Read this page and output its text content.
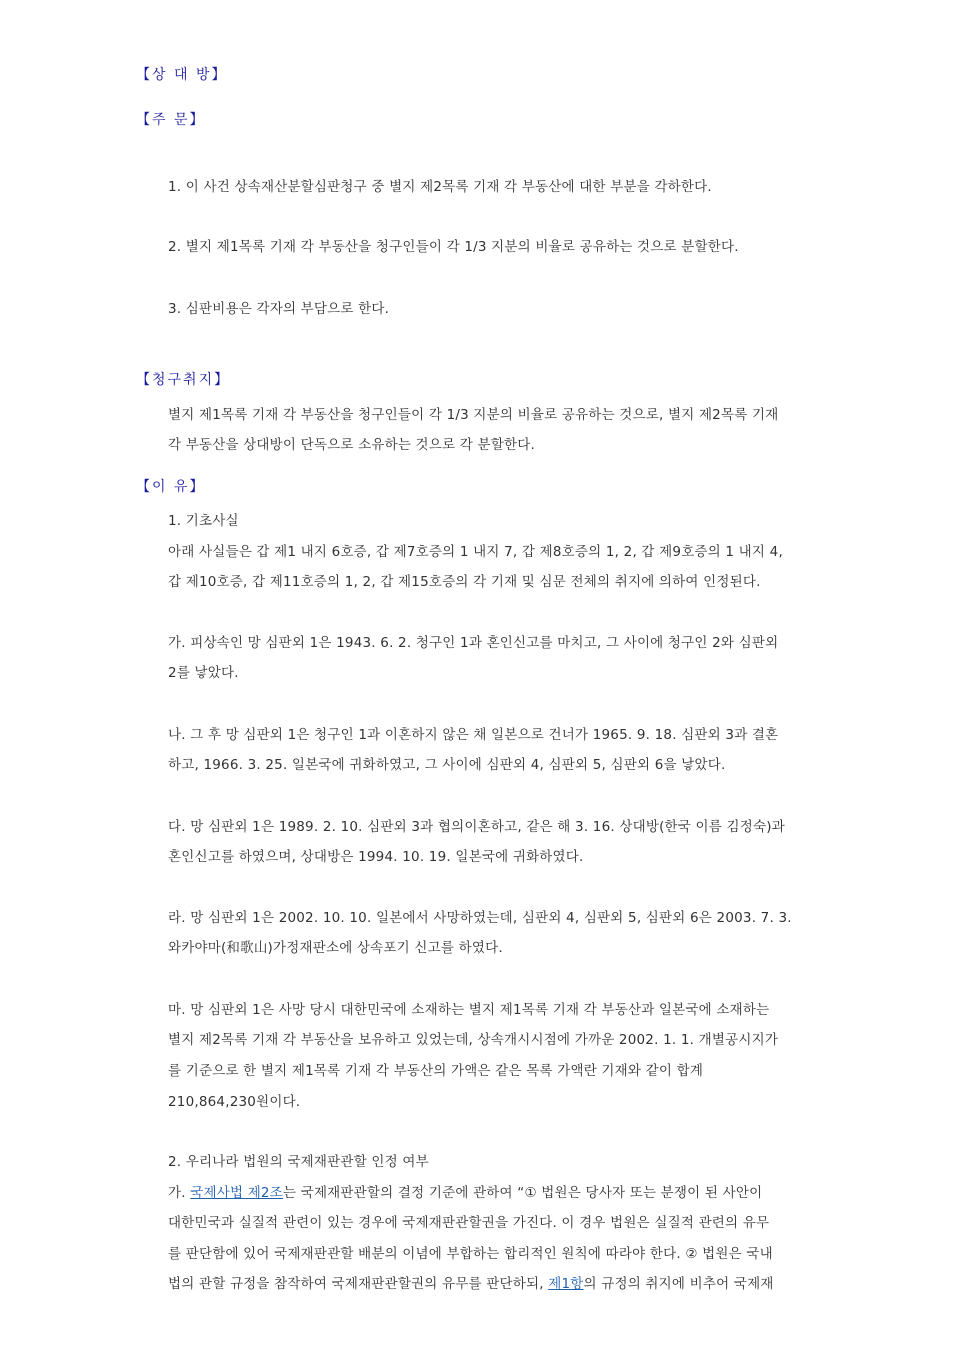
【상 대 방】
【주 문】
1. 이 사건 상속재산분할심판청구 중 별지 제2목록 기재 각 부동산에 대한 부분을 각하한다.
2. 별지 제1목록 기재 각 부동산을 청구인들이 각 1/3 지분의 비율로 공유하는 것으로 분할한다.
3. 심판비용은 각자의 부담으로 한다.
【청구취지】
별지 제1목록 기재 각 부동산을 청구인들이 각 1/3 지분의 비율로 공유하는 것으로, 별지 제2목록 기재
각 부동산을 상대방이 단독으로 소유하는 것으로 각 분할한다.
【이 유】
1. 기초사실
아래 사실들은 갑 제1 내지 6호증, 갑 제7호증의 1 내지 7, 갑 제8호증의 1, 2, 갑 제9호증의 1 내지 4,
갑 제10호증, 갑 제11호증의 1, 2, 갑 제15호증의 각 기재 및 심문 전체의 취지에 의하여 인정된다.
가. 피상속인 망 심판외 1은 1943. 6. 2. 청구인 1과 혼인신고를 마치고, 그 사이에 청구인 2와 심판외
2를 낳았다.
나. 그 후 망 심판외 1은 청구인 1과 이혼하지 않은 채 일본으로 건너가 1965. 9. 18. 심판외 3과 결혼
하고, 1966. 3. 25. 일본국에 귀화하였고, 그 사이에 심판외 4, 심판외 5, 심판외 6을 낳았다.
다. 망 심판외 1은 1989. 2. 10. 심판외 3과 협의이혼하고, 같은 해 3. 16. 상대방(한국 이름 김정숙)과
혼인신고를 하였으며, 상대방은 1994. 10. 19. 일본국에 귀화하였다.
라. 망 심판외 1은 2002. 10. 10. 일본에서 사망하였는데, 심판외 4, 심판외 5, 심판외 6은 2003. 7. 3.
와카야마(和歌山)가정재판소에 상속포기 신고를 하였다.
마. 망 심판외 1은 사망 당시 대한민국에 소재하는 별지 제1목록 기재 각 부동산과 일본국에 소재하는
별지 제2목록 기재 각 부동산을 보유하고 있었는데, 상속개시시점에 가까운 2002. 1. 1. 개별공시지가
를 기준으로 한 별지 제1목록 기재 각 부동산의 가액은 같은 목록 가액란 기재와 같이 합계
210,864,230원이다.
2. 우리나라 법원의 국제재판관할 인정 여부
가. 국제사법 제2조는 국제재판관할의 결정 기준에 관하여 “① 법원은 당사자 또는 분쟁이 된 사안이
대한민국과 실질적 관련이 있는 경우에 국제재판관할권을 가진다. 이 경우 법원은 실질적 관련의 유무
를 판단함에 있어 국제재판관할 배분의 이념에 부합하는 합리적인 원칙에 따라야 한다. ② 법원은 국내
법의 관할 규정을 참작하여 국제재판관할권의 유무를 판단하되, 제1항의 규정의 취지에 비추어 국제재
